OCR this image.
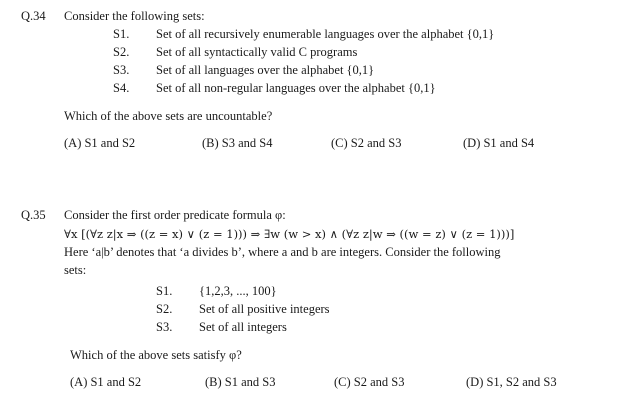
Q.34 Consider the following sets:
S1. Set of all recursively enumerable languages over the alphabet {0,1}
S2. Set of all syntactically valid C programs
S3. Set of all languages over the alphabet {0,1}
S4. Set of all non-regular languages over the alphabet {0,1}
Which of the above sets are uncountable?
(A) S1 and S2	(B) S3 and S4	(C) S2 and S3	(D) S1 and S4
Q.35 Consider the first order predicate formula φ:
∀x [(∀z z|x ⇒ ((z = x) ∨ (z = 1))) ⇒ ∃w (w > x) ∧ (∀z z|w ⇒ ((w = z) ∨ (z = 1)))]
Here ‘a|b’ denotes that ‘a divides b’, where a and b are integers. Consider the following
sets:
S1. {1,2,3, ..., 100}
S2. Set of all positive integers
S3. Set of all integers
Which of the above sets satisfy φ?
(A) S1 and S2	(B) S1 and S3	(C) S2 and S3	(D) S1, S2 and S3
